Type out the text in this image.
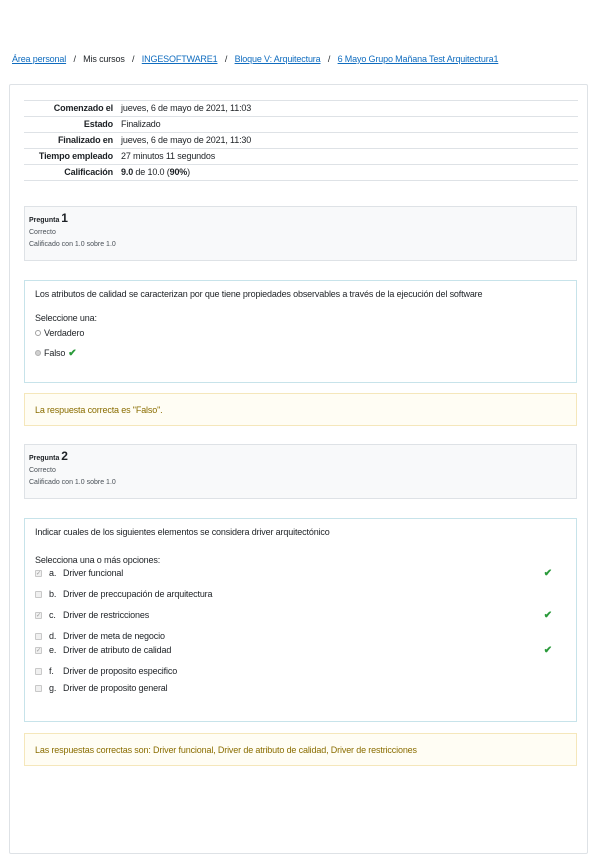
Área personal / Mis cursos / INGESOFTWARE1 / Bloque V: Arquitectura / 6 Mayo Grupo Mañana Test Arquitectura1
Comenzado el	jueves, 6 de mayo de 2021, 11:03
Estado	Finalizado
Finalizado en	jueves, 6 de mayo de 2021, 11:30
Tiempo empleado	27 minutos 11 segundos
Calificación	9.0 de 10.0 (90%)
Pregunta 1
Correcto
Calificado con 1.0 sobre 1.0
Los atributos de calidad se caracterizan por que tiene propiedades observables a través de la ejecución del software
Seleccione una:
Verdadero
Falso ✔
La respuesta correcta es "Falso".
Pregunta 2
Correcto
Calificado con 1.0 sobre 1.0
Indicar cuales de los siguientes elementos se considera driver arquitectónico
Selecciona una o más opciones:
✓ a. Driver funcional	✔
b. Driver de preccupación de arquitectura
✓ c. Driver de restricciones	✔
d. Driver de meta de negocio
✓ e. Driver de atributo de calidad	✔
f.	Driver de proposito especifico
g. Driver de proposito general
Las respuestas correctas son: Driver funcional, Driver de atributo de calidad, Driver de restricciones
